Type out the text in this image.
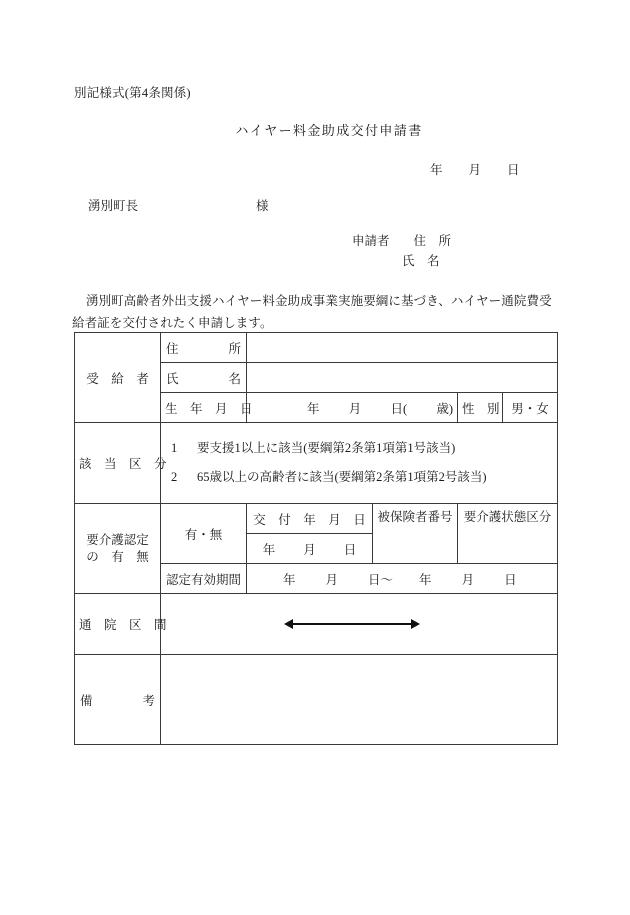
別記様式(第4条関係)
ハイヤー料金助成交付申請書
年 月 日
湧別町長	様
申請者 住　所
氏　名
湧別町高齢者外出支援ハイヤー料金助成事業実施要綱に基づき、ハイヤー通院費受給者証を交付されたく申請します。
受　給　者	住　　　　所				
	氏　　　　名				
	生　年　月　日	年 月 日( 歳)		性　別	男・女
該　当　区　分	1 要支援1以上に該当(要綱第2条第1項第1号該当)
2 65歳以上の高齢者に該当(要綱第2条第1項第2号該当)				

要介護認定
の　有　無	有・無	交　付　年　月　日	被保険者番号	要介護状態区分	
		年 月 日			
	認定有効期間	年 月 日〜 年 月 日			

通　院　区　間					

備　　　　考					
